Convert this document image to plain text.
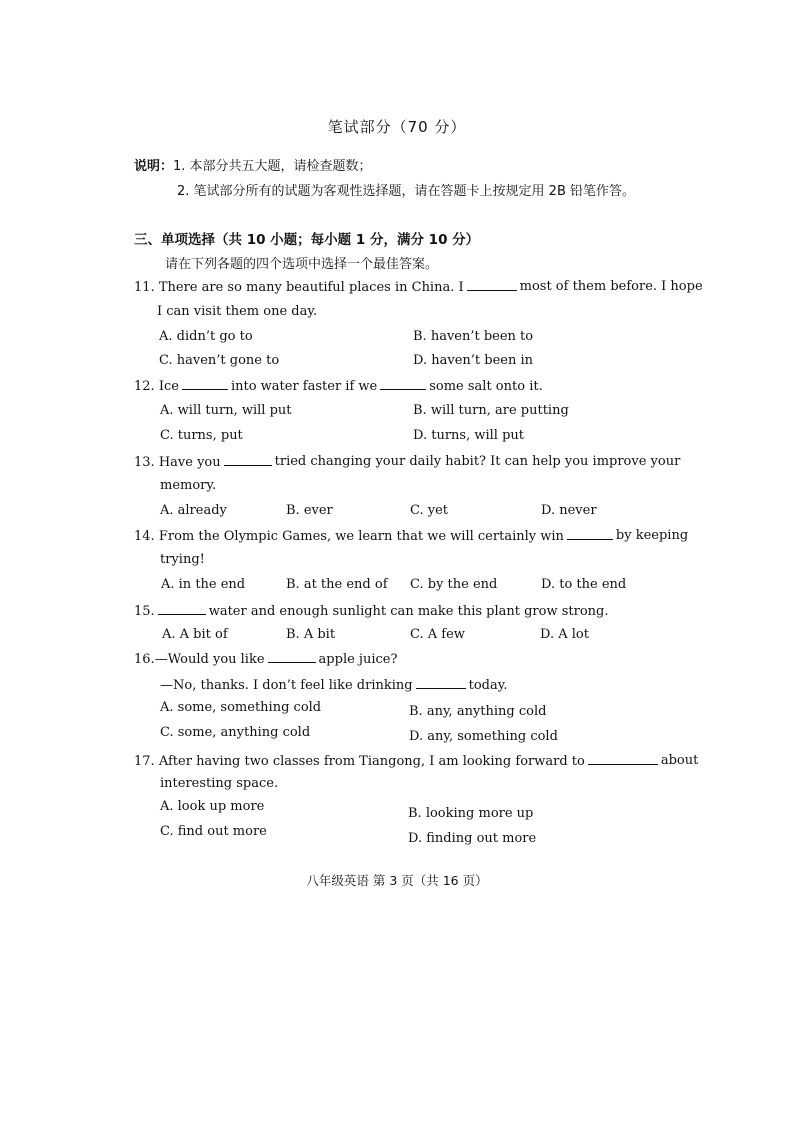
笔试部分（70 分）
说明：1. 本部分共五大题，请检查题数；
2. 笔试部分所有的试题为客观性选择题，请在答题卡上按规定用 2B 铅笔作答。
三、单项选择（共 10 小题；每小题 1 分，满分 10 分）
请在下列各题的四个选项中选择一个最佳答案。
11. There are so many beautiful places in China. I	most of them before. I hope
I can visit them one day.
A. didn’t go to	B. haven’t been to
C. haven’t gone to	D. haven’t been in
12. Ice	into water faster if we	some salt onto it.
A. will turn, will put	B. will turn, are putting
C. turns, put	D. turns, will put
13. Have you	tried changing your daily habit? It can help you improve your
memory.
A. already	B. ever	C. yet	D. never
14. From the Olympic Games, we learn that we will certainly win	by keeping
trying!
A. in the end	B. at the end of C. by the end	D. to the end
15.	water and enough sunlight can make this plant grow strong.
A. A bit of	B. A bit	C. A few	D. A lot
16.—Would you like	apple juice?
—No, thanks. I don’t feel like drinking	today.
A. some, something cold	B. any, anything cold
C. some, anything cold	D. any, something cold
17. After having two classes from Tiangong, I am looking forward to	about
interesting space.
A. look up more	B. looking more up
C. find out more	D. finding out more
八年级英语 第 3 页（共 16 页）
